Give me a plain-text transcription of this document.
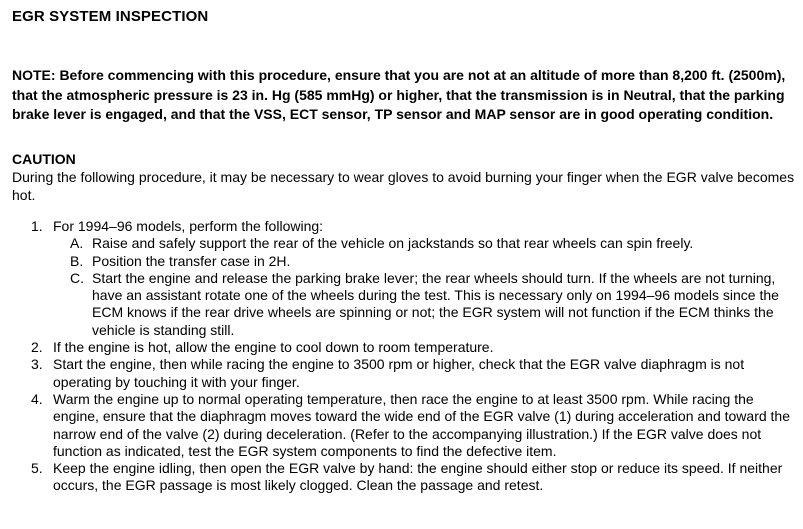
EGR SYSTEM INSPECTION

NOTE: Before commencing with this procedure, ensure that you are not at an altitude of more than 8,200 ft. (2500m), that the atmospheric pressure is 23 in. Hg (585 mmHg) or higher, that the transmission is in Neutral, that the parking brake lever is engaged, and that the VSS, ECT sensor, TP sensor and MAP sensor are in good operating condition.

CAUTION

During the following procedure, it may be necessary to wear gloves to avoid burning your finger when the EGR valve becomes hot.

1. For 1994–96 models, perform the following:
A. Raise and safely support the rear of the vehicle on jackstands so that rear wheels can spin freely.
B. Position the transfer case in 2H.
C. Start the engine and release the parking brake lever; the rear wheels should turn. If the wheels are not turning, have an assistant rotate one of the wheels during the test. This is necessary only on 1994–96 models since the ECM knows if the rear drive wheels are spinning or not; the EGR system will not function if the ECM thinks the vehicle is standing still.
2. If the engine is hot, allow the engine to cool down to room temperature.
3. Start the engine, then while racing the engine to 3500 rpm or higher, check that the EGR valve diaphragm is not operating by touching it with your finger.
4. Warm the engine up to normal operating temperature, then race the engine to at least 3500 rpm. While racing the engine, ensure that the diaphragm moves toward the wide end of the EGR valve (1) during acceleration and toward the narrow end of the valve (2) during deceleration. (Refer to the accompanying illustration.) If the EGR valve does not function as indicated, test the EGR system components to find the defective item.
5. Keep the engine idling, then open the EGR valve by hand: the engine should either stop or reduce its speed. If neither occurs, the EGR passage is most likely clogged. Clean the passage and retest.
